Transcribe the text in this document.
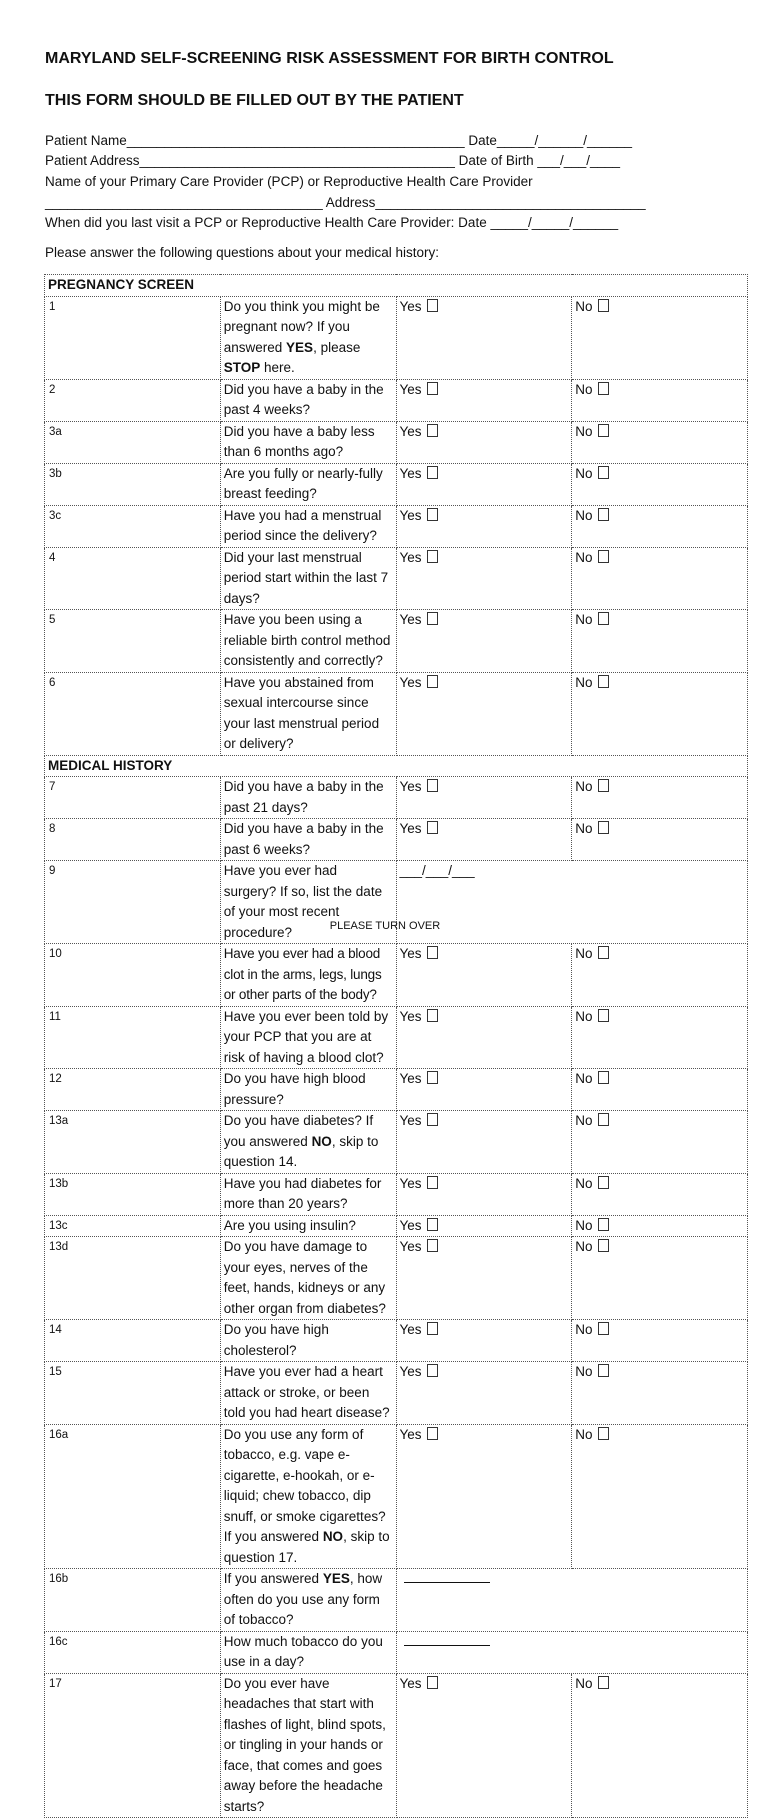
MARYLAND SELF-SCREENING RISK ASSESSMENT FOR BIRTH CONTROL
THIS FORM SHOULD BE FILLED OUT BY THE PATIENT
Patient Name_____________________________________________ Date_____/______/______
Patient Address__________________________________________ Date of Birth ___/___/____
Name of your Primary Care Provider (PCP) or Reproductive Health Care Provider
_____________________________________ Address____________________________________
When did you last visit a PCP or Reproductive Health Care Provider: Date _____/_____/______
Please answer the following questions about your medical history:
PREGNANCY SCREEN			
1	Do you think you might be pregnant now? If you answered YES, please STOP here.	Yes	No
2	Did you have a baby in the past 4 weeks?	Yes	No
3a	Did you have a baby less than 6 months ago?	Yes	No
3b	Are you fully or nearly-fully breast feeding?	Yes	No
3c	Have you had a menstrual period since the delivery?	Yes	No
4	Did your last menstrual period start within the last 7 days?	Yes	No
5	Have you been using a reliable birth control method consistently and correctly?	Yes	No
6	Have you abstained from sexual intercourse since your last menstrual period or delivery?	Yes	No
MEDICAL HISTORY			
7	Did you have a baby in the past 21 days?	Yes	No
8	Did you have a baby in the past 6 weeks?	Yes	No
9	Have you ever had surgery? If so, list the date of your most recent procedure?	___/___/___	
10	Have you ever had a blood clot in the arms, legs, lungs or other parts of the body?	Yes	No
11	Have you ever been told by your PCP that you are at risk of having a blood clot?	Yes	No
12	Do you have high blood pressure?	Yes	No
13a	Do you have diabetes? If you answered NO, skip to question 14.	Yes	No
13b	Have you had diabetes for more than 20 years?	Yes	No
13c	Are you using insulin?	Yes	No
13d	Do you have damage to your eyes, nerves of the feet, hands, kidneys or any other organ from diabetes?	Yes	No
14	Do you have high cholesterol?	Yes	No
15	Have you ever had a heart attack or stroke, or been told you had heart disease?	Yes	No
16a	Do you use any form of tobacco, e.g. vape e-cigarette, e-hookah, or e-liquid; chew tobacco, dip snuff, or smoke cigarettes? If you answered NO, skip to question 17.	Yes	No
16b	If you answered YES, how often do you use any form of tobacco?		
16c	How much tobacco do you use in a day?		
17	Do you ever have headaches that start with flashes of light, blind spots, or tingling in your hands or face, that comes and goes away before the headache starts?	Yes	No
PLEASE TURN OVER
